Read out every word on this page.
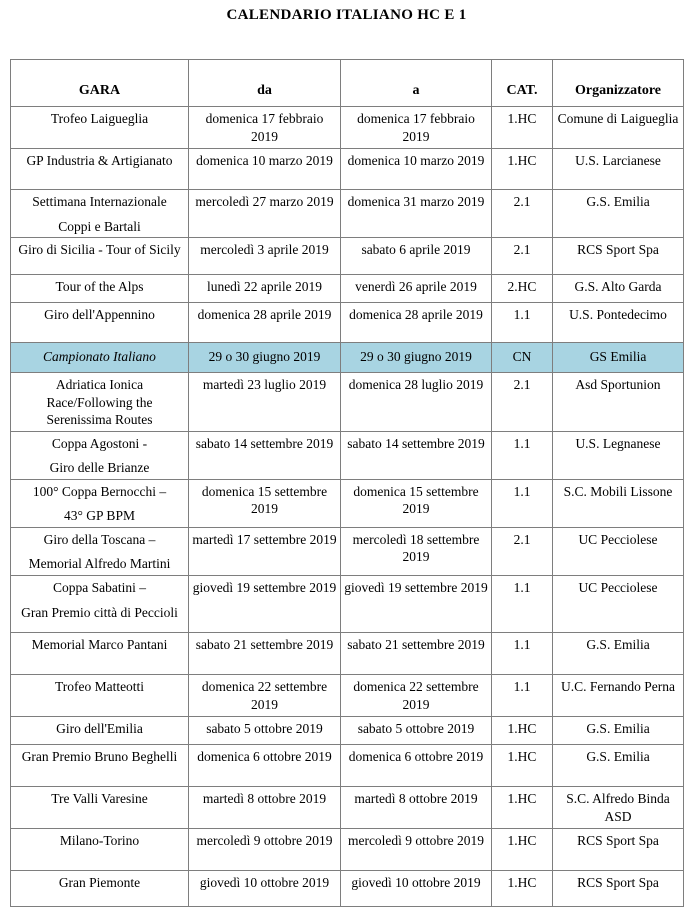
CALENDARIO ITALIANO HC E 1
GARA	da	a	CAT.	Organizzatore

Trofeo Laigueglia	domenica 17 febbraio 2019	domenica 17 febbraio 2019	1.HC	Comune di Laigueglia

GP Industria & Artigianato	domenica 10 marzo 2019	domenica 10 marzo 2019	1.HC	U.S. Larcianese

Settimana Internazionale
Coppi e Bartali	mercoledì 27 marzo 2019	domenica 31 marzo 2019	2.1	G.S. Emilia

Giro di Sicilia - Tour of Sicily	mercoledì 3 aprile 2019	sabato 6 aprile 2019	2.1	RCS Sport Spa

Tour of the Alps	lunedì 22 aprile 2019	venerdì 26 aprile 2019	2.HC	G.S. Alto Garda

Giro dell'Appennino	domenica 28 aprile 2019	domenica 28 aprile 2019	1.1	U.S. Pontedecimo

Campionato Italiano	29 o 30 giugno 2019	29 o 30 giugno 2019	CN	GS Emilia

Adriatica Ionica Race/Following the Serenissima Routes	martedì 23 luglio 2019	domenica 28 luglio 2019	2.1	Asd Sportunion

Coppa Agostoni -
Giro delle Brianze	sabato 14 settembre 2019	sabato 14 settembre 2019	1.1	U.S. Legnanese

100° Coppa Bernocchi –
43° GP BPM	domenica 15 settembre 2019	domenica 15 settembre 2019	1.1	S.C. Mobili Lissone

Giro della Toscana –
Memorial Alfredo Martini	martedì 17 settembre 2019	mercoledì 18 settembre 2019	2.1	UC Pecciolese

Coppa Sabatini –
Gran Premio città di Peccioli	giovedì 19 settembre 2019	giovedì 19 settembre 2019	1.1	UC Pecciolese

Memorial Marco Pantani	sabato 21 settembre 2019	sabato 21 settembre 2019	1.1	G.S. Emilia

Trofeo Matteotti	domenica 22 settembre 2019	domenica 22 settembre 2019	1.1	U.C. Fernando Perna

Giro dell'Emilia	sabato 5 ottobre 2019	sabato 5 ottobre 2019	1.HC	G.S. Emilia

Gran Premio Bruno Beghelli	domenica 6 ottobre 2019	domenica 6 ottobre 2019	1.HC	G.S. Emilia

Tre Valli Varesine	martedì 8 ottobre 2019	martedì 8 ottobre 2019	1.HC	S.C. Alfredo Binda ASD

Milano-Torino	mercoledì 9 ottobre 2019	mercoledì 9 ottobre 2019	1.HC	RCS Sport Spa

Gran Piemonte	giovedì 10 ottobre 2019	giovedì 10 ottobre 2019	1.HC	RCS Sport Spa
